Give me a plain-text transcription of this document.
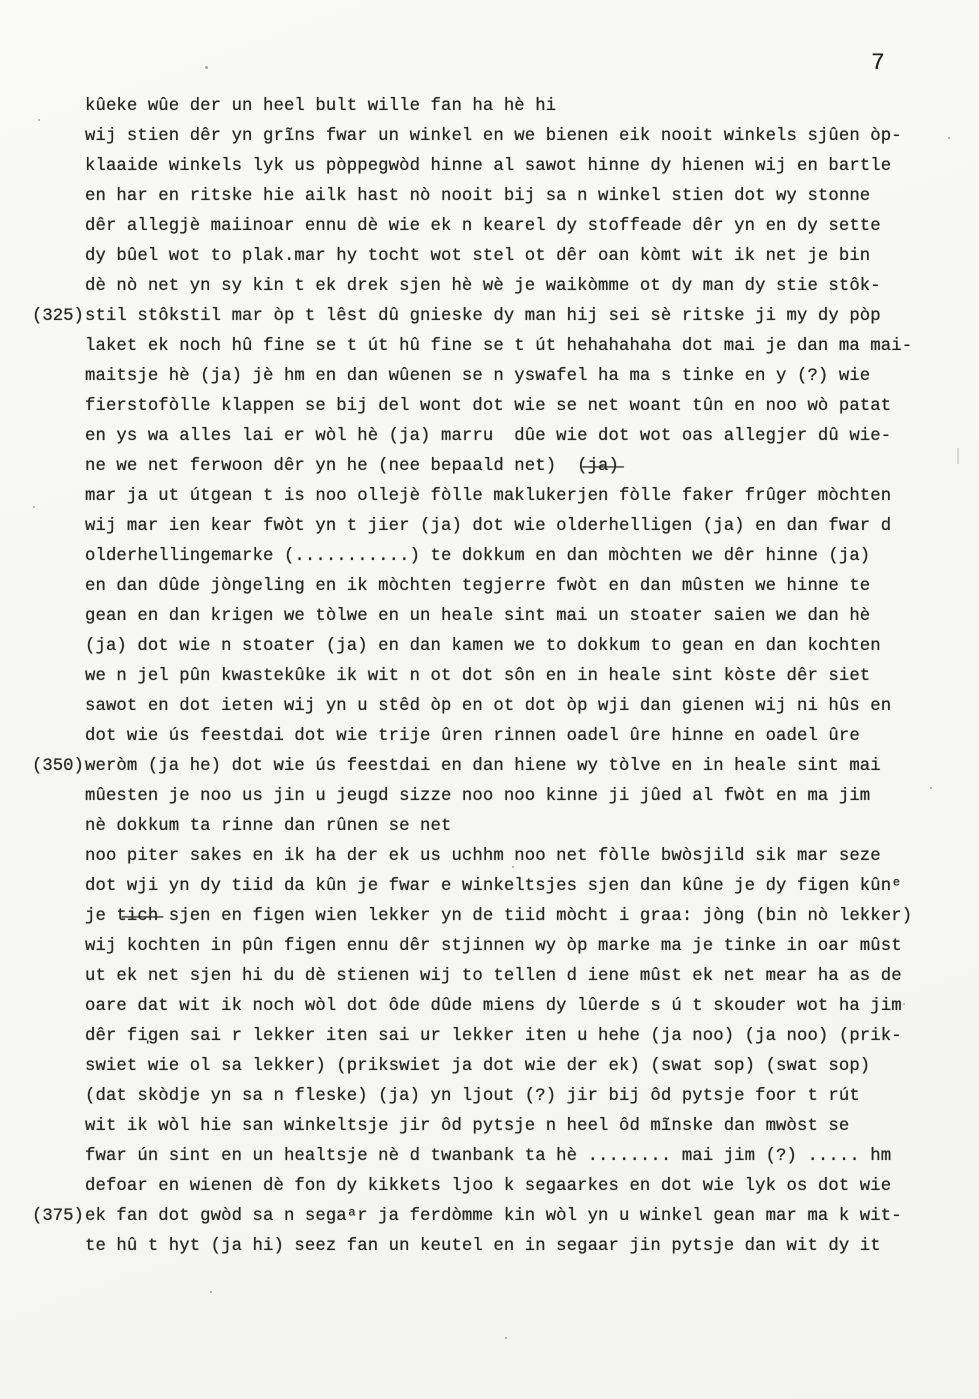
7
kûeke wûe der un heel bult wille fan ha hè hi
wij stien dêr yn grĩns fwar un winkel en we bienen eik nooit winkels sjûen òp-
klaaide winkels lyk us pòppegwòd hinne al sawot hinne dy hienen wij en bartle
en har en ritske hie ailk hast nò nooit bij sa n winkel stien dot wy stonne
dêr allegjè maiinoar ennu dè wie ek n kearel dy stoffeade dêr yn en dy sette
dy bûel wot to plak.mar hy tocht wot stel ot dêr oan kòmt wit ik net je bin
dè nò net yn sy kin t ek drek sjen hè wè je waikòmme ot dy man dy stie stôk-
(325) stil stôkstil mar òp t lêst dû gnieske dy man hij sei sè ritske ji my dy pòp
laket ek noch hû fine se t út hû fine se t út hehahahaha dot mai je dan ma mai-
maitsje hè (ja) jè hm en dan wûenen se n yswafel ha ma s tinke en y (?) wie
fierstofòlle klappen se bij del wont dot wie se net woant tûn en noo wò patat
en ys wa alles lai er wòl hè (ja) marru  dûe wie dot wot oas allegjer dû wie-
ne we net ferwoon dêr yn he (nee bepaald net)  (̶j̶a̶)̶
mar ja ut útgean t is noo ollejè fòlle maklukerjen fòlle faker frûger mòchten
wij mar ien kear fwòt yn t jier (ja) dot wie olderhelligen (ja) en dan fwar d
olderhellingemarke (...........) te dokkum en dan mòchten we dêr hinne (ja)
en dan dûde jòngeling en ik mòchten tegjerre fwòt en dan mûsten we hinne te
gean en dan krigen we tòlwe en un heale sint mai un stoater saien we dan hè
(ja) dot wie n stoater (ja) en dan kamen we to dokkum to gean en dan kochten
we n jel pûn kwastekûke ik wit n ot dot sôn en in heale sint kòste dêr siet
sawot en dot ieten wij yn u stêd òp en ot dot òp wji dan gienen wij ni hûs en
dot wie ús feestdai dot wie trije ûren rinnen oadel ûre hinne en oadel ûre
(350) weròm (ja he) dot wie ús feestdai en dan hiene wy tòlve en in heale sint mai
mûesten je noo us jin u jeugd sizze noo noo kinne ji jûed al fwòt en ma jim
nè dokkum ta rinne dan rûnen se net
noo piter sakes en ik ha der ek us uchhm noo net fòlle bwòsjild sik mar seze
dot wji yn dy tiid da kûn je fwar e winkeltsjes sjen dan kûne je dy figen kûnᵉ
je t̶i̶c̶h̶ sjen en figen wien lekker yn de tiid mòcht i graa: jòng (bin nò lekker)
wij kochten in pûn figen ennu dêr stjinnen wy òp marke ma je tinke in oar mûst
ut ek net sjen hi du dè stienen wij to tellen d iene mûst ek net mear ha as de
oare dat wit ik noch wòl dot ôde dûde miens dy lûerde s ú t skouder wot ha jim
dêr fi̩gen sai r lekker iten sai ur lekker iten u hehe (ja noo) (ja noo) (prik-
swiet wie ol sa lekker) (prikswiet ja dot wie der ek) (swat sop) (swat sop)
(dat skòdje yn sa n fleske) (ja) yn ljout (?) jir bij ôd pytsje foor t rút
wit ik wòl hie san winkeltsje jir ôd pytsje n heel ôd mĩnske dan mwòst se
fwar ún sint en un healtsje nè d twanbank ta hè ........ mai jim (?) ..... hm
defoar en wienen dè fon dy kikkets ljoo k segaarkes en dot wie lyk os dot wie
(375) ek fan dot gwòd sa n segaᵃr ja ferdòmme kin wòl yn u winkel gean mar ma k wit-
te hû t hyt (ja hi) seez fan un keutel en in segaar jin pytsje dan wit dy it
